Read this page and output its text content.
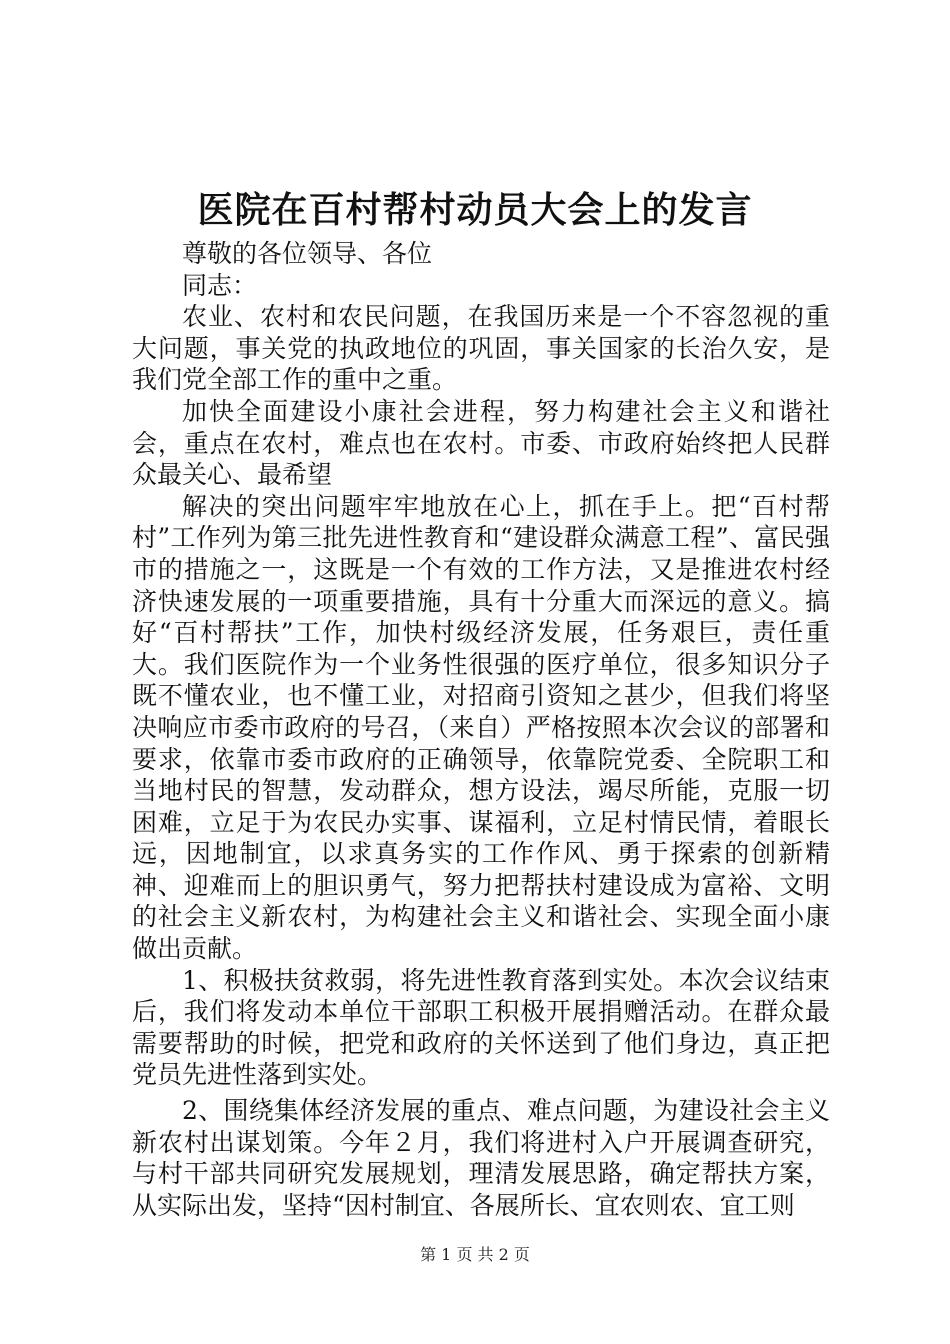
医院在百村帮村动员大会上的发言

尊敬的各位领导、各位

同志：

农业、农村和农民问题，在我国历来是一个不容忽视的重大问题，事关党的执政地位的巩固，事关国家的长治久安，是我们党全部工作的重中之重。

加快全面建设小康社会进程，努力构建社会主义和谐社会，重点在农村，难点也在农村。市委、市政府始终把人民群众最关心、最希望

解决的突出问题牢牢地放在心上，抓在手上。把“百村帮村”工作列为第三批先进性教育和“建设群众满意工程”、富民强市的措施之一，这既是一个有效的工作方法，又是推进农村经济快速发展的一项重要措施，具有十分重大而深远的意义。搞好“百村帮扶”工作，加快村级经济发展，任务艰巨，责任重大。我们医院作为一个业务性很强的医疗单位，很多知识分子既不懂农业，也不懂工业，对招商引资知之甚少，但我们将坚决响应市委市政府的号召，（来自）严格按照本次会议的部署和要求，依靠市委市政府的正确领导，依靠院党委、全院职工和当地村民的智慧，发动群众，想方设法，竭尽所能，克服一切困难，立足于为农民办实事、谋福利，立足村情民情，着眼长远，因地制宜，以求真务实的工作作风、勇于探索的创新精神、迎难而上的胆识勇气，努力把帮扶村建设成为富裕、文明的社会主义新农村，为构建社会主义和谐社会、实现全面小康做出贡献。

1、积极扶贫救弱，将先进性教育落到实处。本次会议结束后，我们将发动本单位干部职工积极开展捐赠活动。在群众最需要帮助的时候，把党和政府的关怀送到了他们身边，真正把党员先进性落到实处。

2、围绕集体经济发展的重点、难点问题，为建设社会主义新农村出谋划策。今年２月，我们将进村入户开展调查研究，与村干部共同研究发展规划，理清发展思路，确定帮扶方案，从实际出发，坚持“因村制宜、各展所长、宜农则农、宜工则

第 1 页 共 2 页
